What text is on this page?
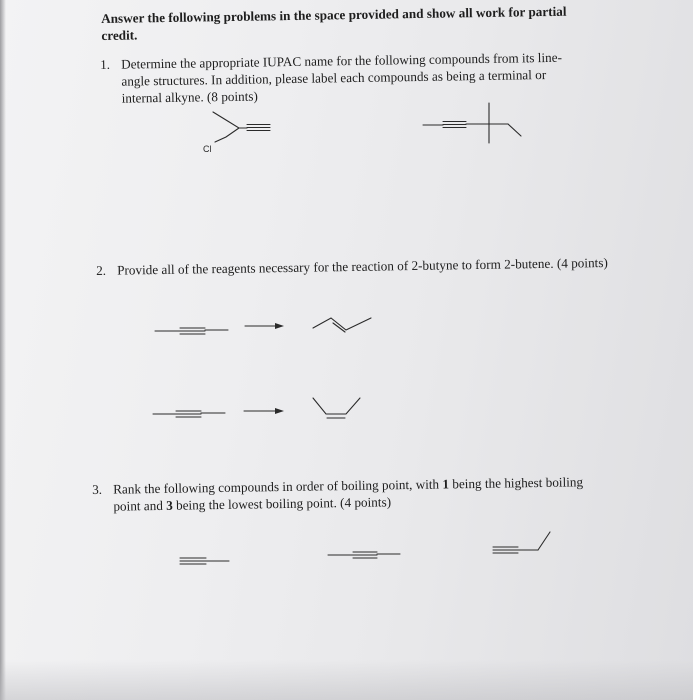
Answer the following problems in the space provided and show all work for partial credit.

1. Determine the appropriate IUPAC name for the following compounds from its line-angle structures. In addition, please label each compounds as being a terminal or internal alkyne. (8 points)
2. Provide all of the reagents necessary for the reaction of 2-butyne to form 2-butene. (4 points)
3. Rank the following compounds in order of boiling point, with 1 being the highest boiling point and 3 being the lowest boiling point. (4 points)
Cl
